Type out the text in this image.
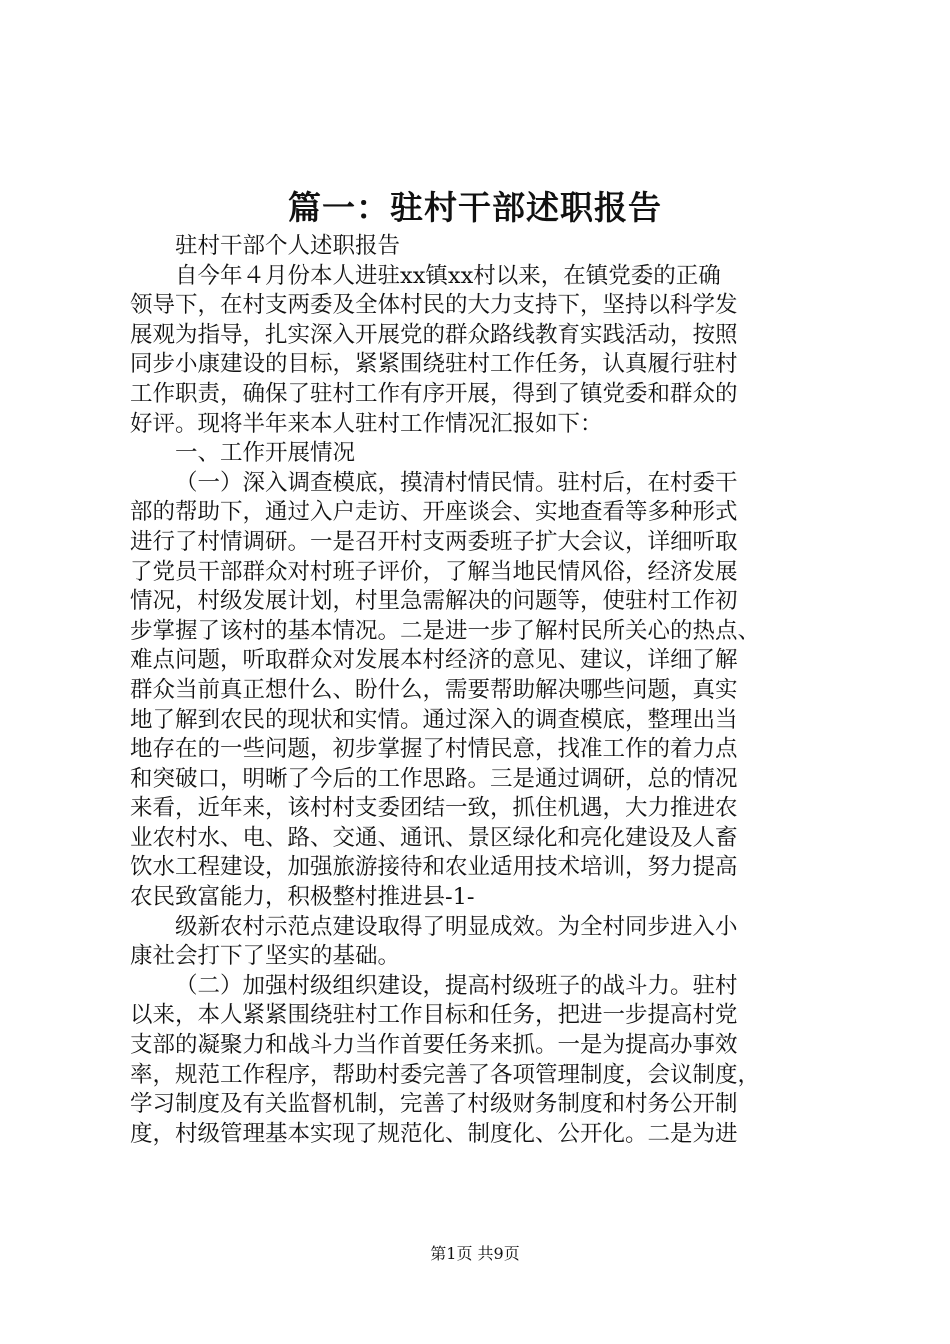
篇一：驻村干部述职报告

驻村干部个人述职报告

自今年４月份本人进驻xx镇xx村以来，在镇党委的正确

领导下，在村支两委及全体村民的大力支持下，坚持以科学发

展观为指导，扎实深入开展党的群众路线教育实践活动，按照

同步小康建设的目标，紧紧围绕驻村工作任务，认真履行驻村

工作职责，确保了驻村工作有序开展，得到了镇党委和群众的

好评。现将半年来本人驻村工作情况汇报如下：

一、工作开展情况

（一）深入调查模底，摸清村情民情。驻村后，在村委干

部的帮助下，通过入户走访、开座谈会、实地查看等多种形式

进行了村情调研。一是召开村支两委班子扩大会议，详细听取

了党员干部群众对村班子评价，了解当地民情风俗，经济发展

情况，村级发展计划，村里急需解决的问题等，使驻村工作初

步掌握了该村的基本情况。二是进一步了解村民所关心的热点、

难点问题，听取群众对发展本村经济的意见、建议，详细了解

群众当前真正想什么、盼什么，需要帮助解决哪些问题，真实

地了解到农民的现状和实情。通过深入的调查模底，整理出当

地存在的一些问题，初步掌握了村情民意，找准工作的着力点

和突破口，明晰了今后的工作思路。三是通过调研，总的情况

来看，近年来，该村村支委团结一致，抓住机遇，大力推进农

业农村水、电、路、交通、通讯、景区绿化和亮化建设及人畜

饮水工程建设，加强旅游接待和农业适用技术培训，努力提高

农民致富能力，积极整村推进县-1-

级新农村示范点建设取得了明显成效。为全村同步进入小

康社会打下了坚实的基础。

（二）加强村级组织建设，提高村级班子的战斗力。驻村

以来，本人紧紧围绕驻村工作目标和任务，把进一步提高村党

支部的凝聚力和战斗力当作首要任务来抓。一是为提高办事效

率，规范工作程序，帮助村委完善了各项管理制度，会议制度，

学习制度及有关监督机制，完善了村级财务制度和村务公开制

度，村级管理基本实现了规范化、制度化、公开化。二是为进

第1页 共9页
